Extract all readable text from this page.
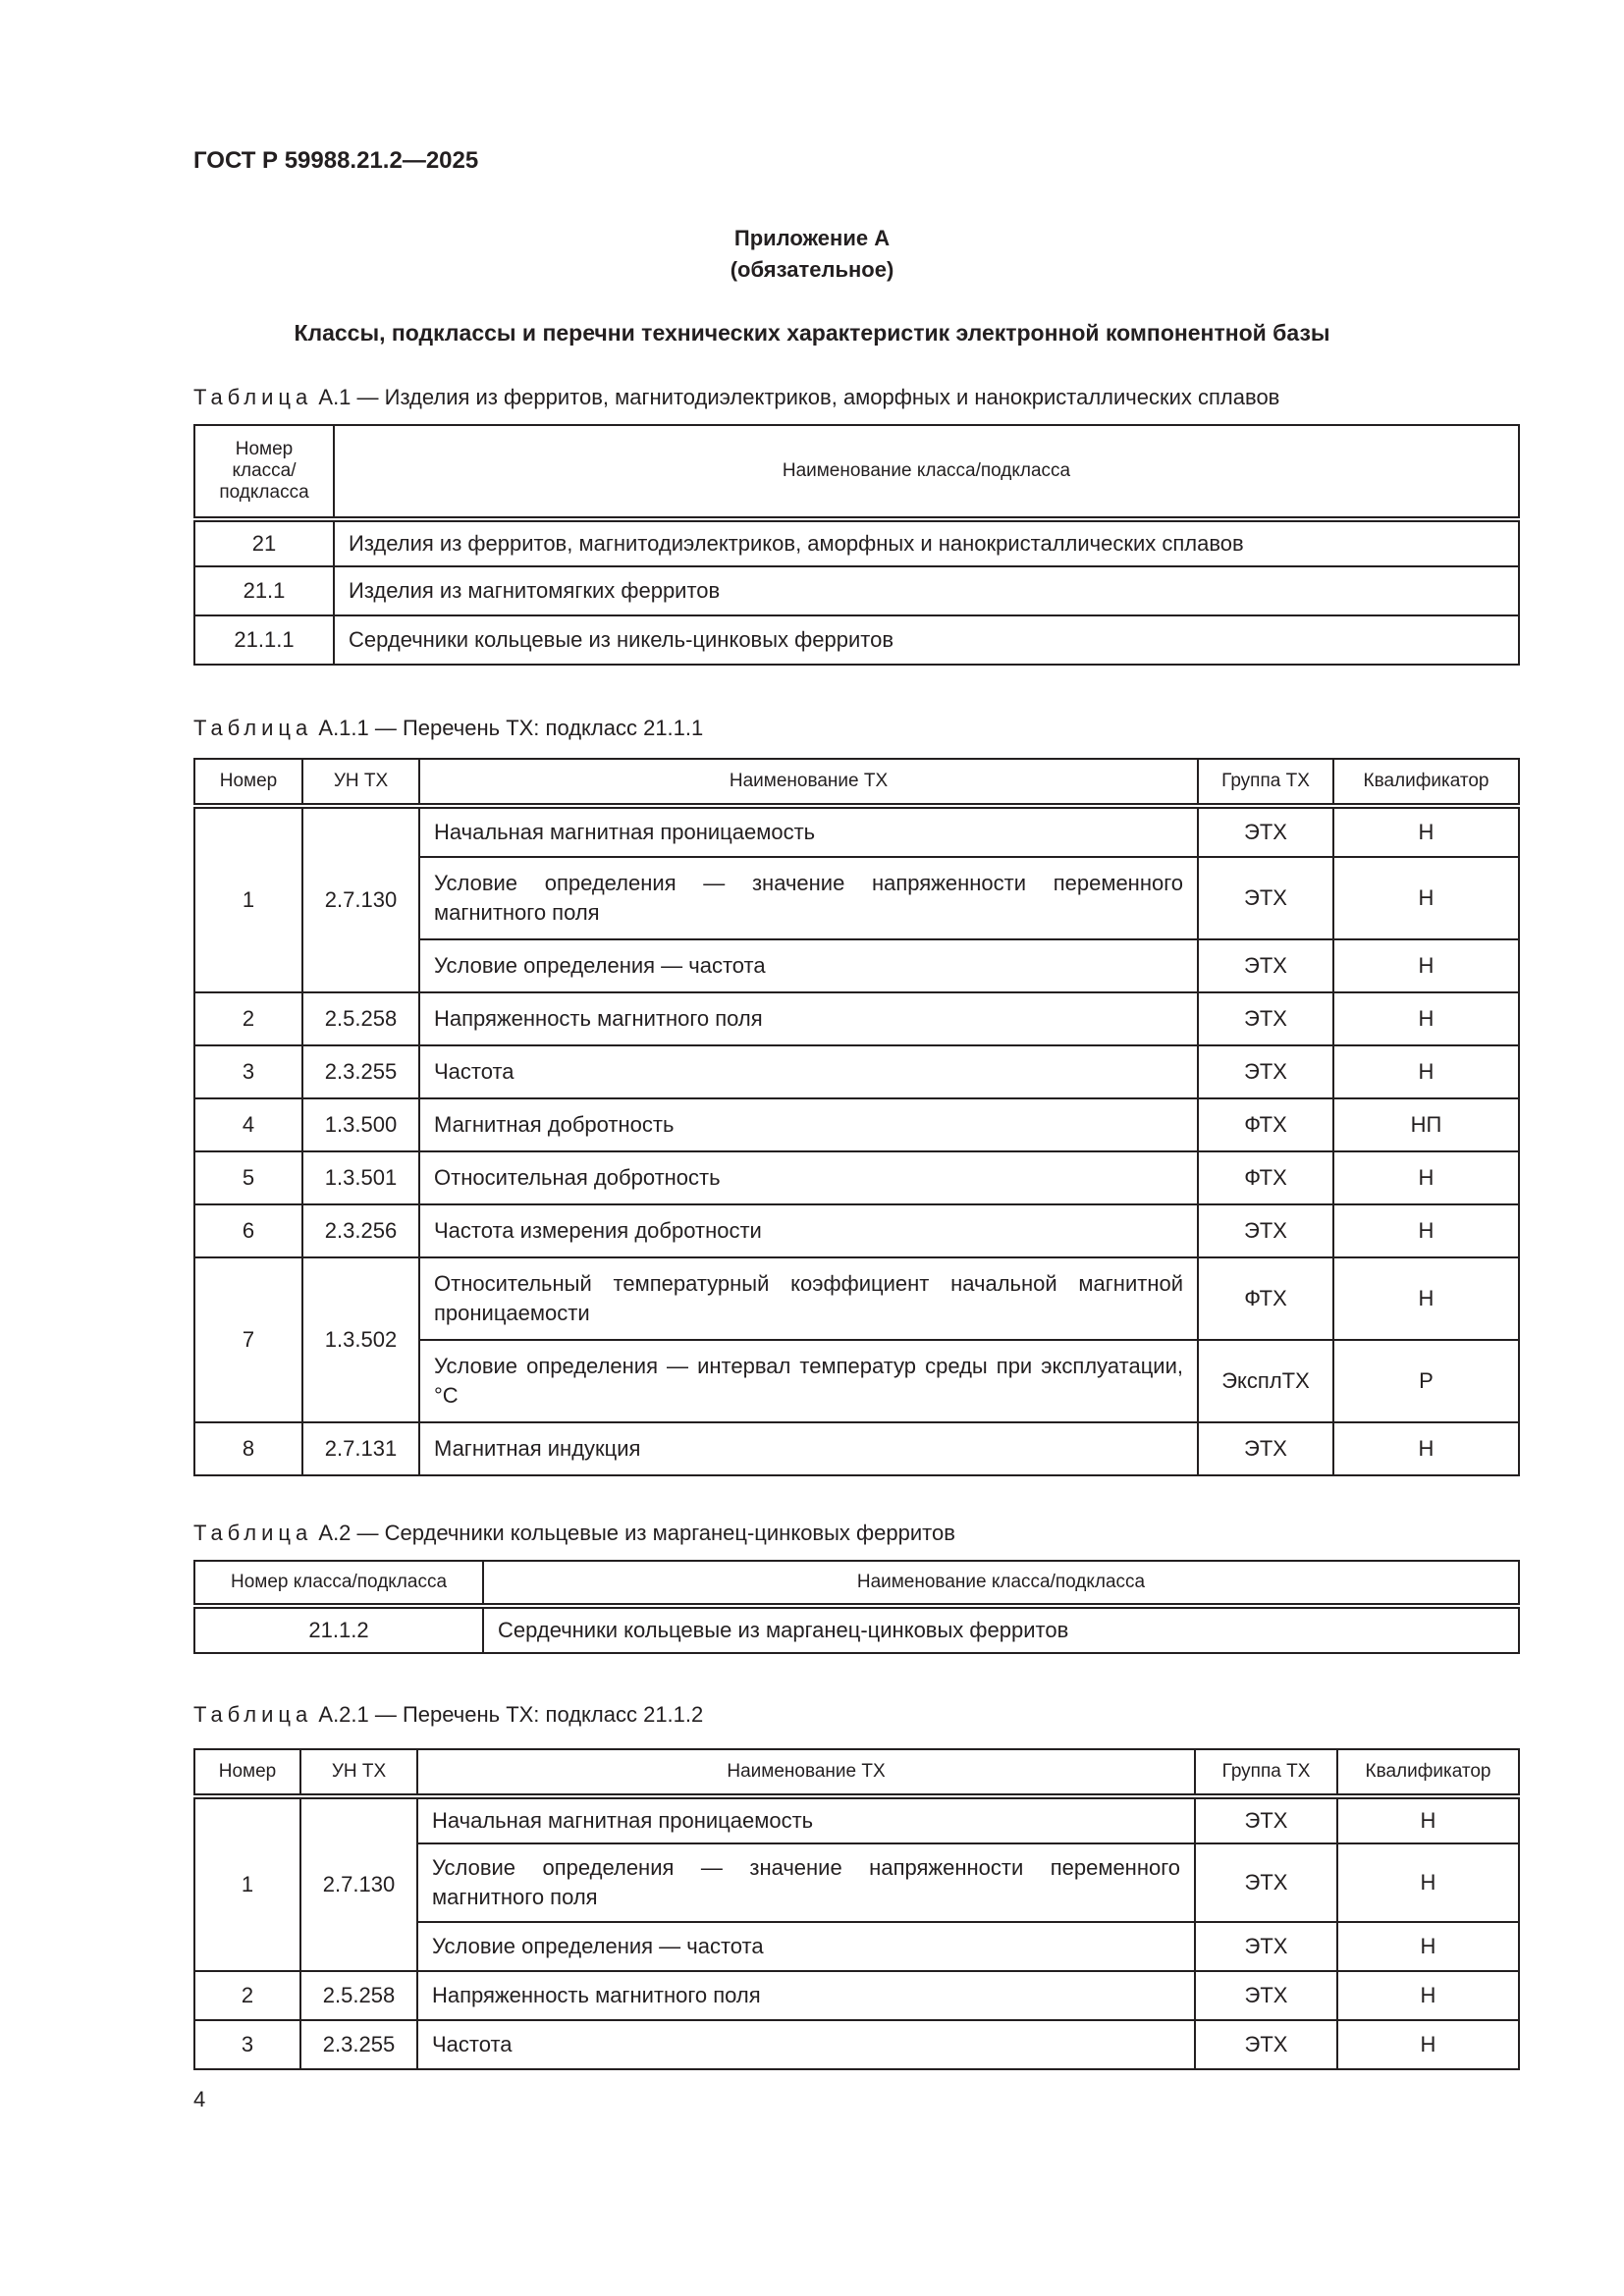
ГОСТ Р 59988.21.2—2025
Приложение А
(обязательное)
Классы, подклассы и перечни технических характеристик электронной компонентной базы
Таблица А.1 — Изделия из ферритов, магнитодиэлектриков, аморфных и нанокристаллических сплавов
Номер класса/ подкласса	Наименование класса/подкласса
21	Изделия из ферритов, магнитодиэлектриков, аморфных и нанокристаллических сплавов
21.1	Изделия из магнитомягких ферритов
21.1.1	Сердечники кольцевые из никель-цинковых ферритов
Таблица А.1.1 — Перечень ТХ: подкласс 21.1.1
Номер	УН ТХ	Наименование ТХ	Группа ТХ	Квалификатор
1	2.7.130	Начальная магнитная проницаемость	ЭТХ	Н
		Условие определения — значение напряженности переменного магнитного поля	ЭТХ	Н
		Условие определения — частота	ЭТХ	Н
2	2.5.258	Напряженность магнитного поля	ЭТХ	Н
3	2.3.255	Частота	ЭТХ	Н
4	1.3.500	Магнитная добротность	ФТХ	НП
5	1.3.501	Относительная добротность	ФТХ	Н
6	2.3.256	Частота измерения добротности	ЭТХ	Н
7	1.3.502	Относительный температурный коэффициент начальной магнитной проницаемости	ФТХ	Н
		Условие определения — интервал температур среды при эксплуатации, °С	ЭксплТХ	Р
8	2.7.131	Магнитная индукция	ЭТХ	Н
Таблица А.2 — Сердечники кольцевые из марганец-цинковых ферритов
Номер класса/подкласса	Наименование класса/подкласса
21.1.2	Сердечники кольцевые из марганец-цинковых ферритов
Таблица А.2.1 — Перечень ТХ: подкласс 21.1.2
Номер	УН ТХ	Наименование ТХ	Группа ТХ	Квалификатор
1	2.7.130	Начальная магнитная проницаемость	ЭТХ	Н
		Условие определения — значение напряженности переменного магнитного поля	ЭТХ	Н
		Условие определения — частота	ЭТХ	Н
2	2.5.258	Напряженность магнитного поля	ЭТХ	Н
3	2.3.255	Частота	ЭТХ	Н
4
